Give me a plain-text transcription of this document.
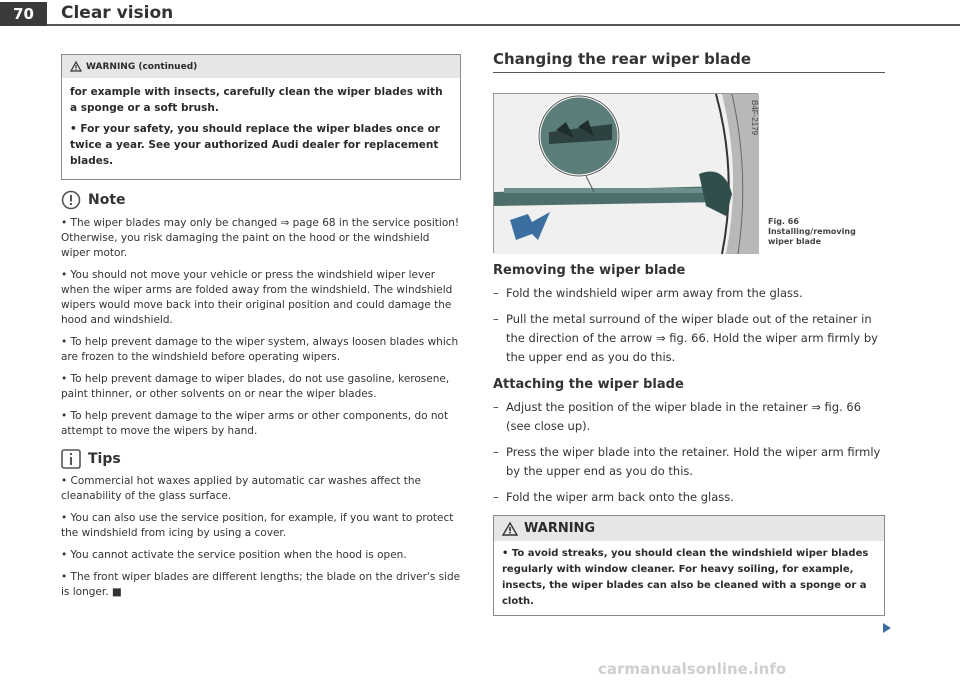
70	Clear vision
WARNING (continued)

for example with insects, carefully clean the wiper blades with a sponge or a soft brush.

• For your safety, you should replace the wiper blades once or twice a year. See your authorized Audi dealer for replacement blades.

Note

• The wiper blades may only be changed ⇒ page 68 in the service position! Otherwise, you risk damaging the paint on the hood or the windshield wiper motor.

• You should not move your vehicle or press the windshield wiper lever when the wiper arms are folded away from the windshield. The windshield wipers would move back into their original position and could damage the hood and windshield.

• To help prevent damage to the wiper system, always loosen blades which are frozen to the windshield before operating wipers.

• To help prevent damage to wiper blades, do not use gasoline, kerosene, paint thinner, or other solvents on or near the wiper blades.

• To help prevent damage to the wiper arms or other components, do not attempt to move the wipers by hand.

Tips

• Commercial hot waxes applied by automatic car washes affect the cleanability of the glass surface.

• You can also use the service position, for example, if you want to protect the windshield from icing by using a cover.

• You cannot activate the service position when the hood is open.

• The front wiper blades are different lengths; the blade on the driver's side is longer. ■

Changing the rear wiper blade
B4F-2179
Fig. 66 Installing/removing wiper blade
Removing the wiper blade
– Fold the windshield wiper arm away from the glass.
– Pull the metal surround of the wiper blade out of the retainer in the direction of the arrow ⇒ fig. 66. Hold the wiper arm firmly by the upper end as you do this.
Attaching the wiper blade
– Adjust the position of the wiper blade in the retainer ⇒ fig. 66 (see close up).
– Press the wiper blade into the retainer. Hold the wiper arm firmly by the upper end as you do this.
– Fold the wiper arm back onto the glass.
WARNING
• To avoid streaks, you should clean the windshield wiper blades regularly with window cleaner. For heavy soiling, for example, insects, the wiper blades can also be cleaned with a sponge or a cloth.
carmanualsonline.info
